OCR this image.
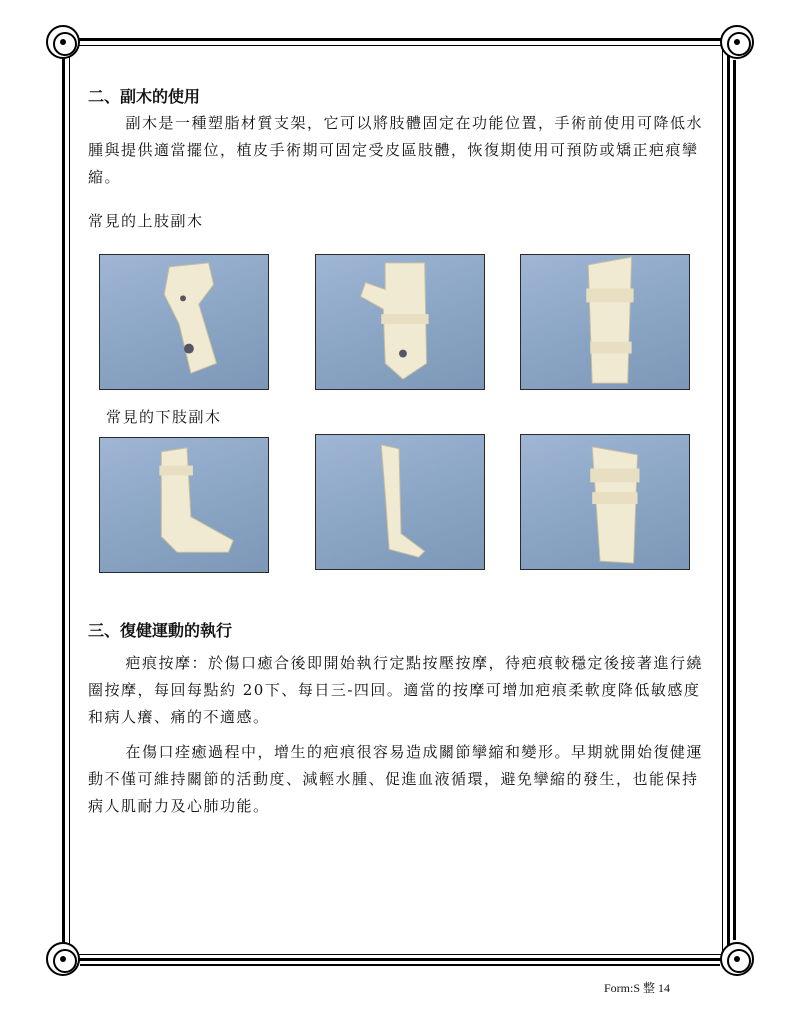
二、副木的使用

副木是一種塑脂材質支架，它可以將肢體固定在功能位置，手術前使用可降低水腫與提供適當擺位，植皮手術期可固定受皮區肢體，恢復期使用可預防或矯正疤痕攣縮。

常見的上肢副木
常見的下肢副木
三、復健運動的執行

疤痕按摩：於傷口癒合後即開始執行定點按壓按摩，待疤痕較穩定後接著進行繞圈按摩，每回每點約 20下、每日三-四回。適當的按摩可增加疤痕柔軟度降低敏感度和病人癢、痛的不適感。

在傷口痊癒過程中，增生的疤痕很容易造成關節攣縮和變形。早期就開始復健運動不僅可維持關節的活動度、減輕水腫、促進血液循環，避免攣縮的發生，也能保持病人肌耐力及心肺功能。

Form:S 整 14
